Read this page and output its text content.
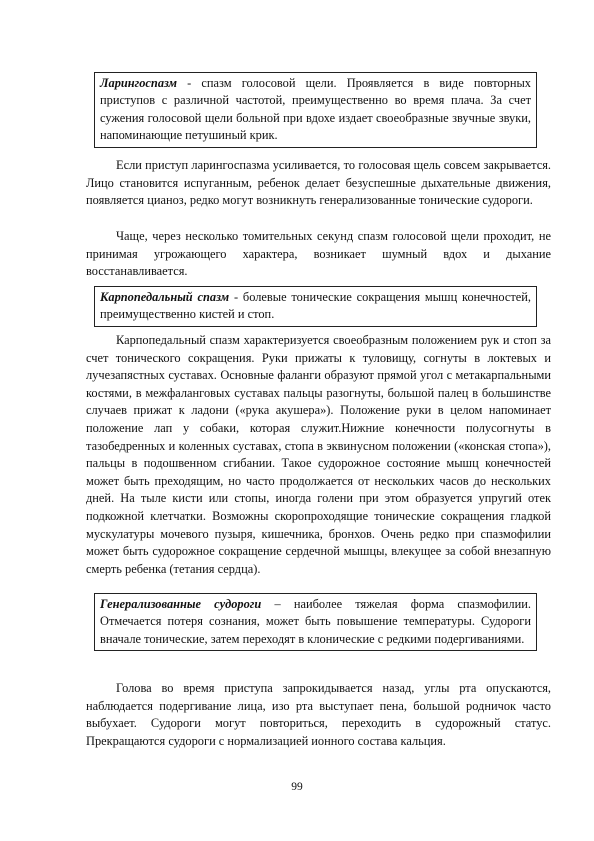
Ларингоспазм - спазм голосовой щели. Проявляется в виде повторных приступов с различной частотой, преимущественно во время плача. За счет сужения голосовой щели больной при вдохе издает своеобразные звучные звуки, напоминающие петушиный крик.

Если приступ ларингоспазма усиливается, то голосовая щель совсем закрывается. Лицо становится испуганным, ребенок делает безуспешные дыхательные движения, появляется цианоз, редко могут возникнуть генерализованные тонические судороги.

Чаще, через несколько томительных секунд спазм голосовой щели проходит, не принимая угрожающего характера, возникает шумный вдох и дыхание восстанавливается.

Карпопедальный спазм - болевые тонические сокращения мышц конечностей, преимущественно кистей и стоп.

Карпопедальный спазм характеризуется своеобразным положением рук и стоп за счет тонического сокращения. Руки прижаты к туловищу, согнуты в локтевых и лучезапястных суставах. Основные фаланги образуют прямой угол с метакарпальными костями, в межфаланговых суставах пальцы разогнуты, большой палец в большинстве случаев прижат к ладони («рука акушера»). Положение руки в целом напоминает положение лап у собаки, которая служит.Нижние конечности полусогнуты в тазобедренных и коленных суставах, стопа в эквинусном положении («конская стопа»), пальцы в подошвенном сгибании. Такое судорожное состояние мышц конечностей может быть преходящим, но часто продолжается от нескольких часов до нескольких дней. На тыле кисти или стопы, иногда голени при этом образуется упругий отек подкожной клетчатки. Возможны скоропроходящие тонические сокращения гладкой мускулатуры мочевого пузыря, кишечника, бронхов. Очень редко при спазмофилии может быть судорожное сокращение сердечной мышцы, влекущее за собой внезапную смерть ребенка (тетания сердца).

Генерализованные судороги – наиболее тяжелая форма спазмофилии. Отмечается потеря сознания, может быть повышение температуры. Судороги вначале тонические, затем переходят в клонические с редкими подергиваниями.

Голова во время приступа запрокидывается назад, углы рта опускаются, наблюдается подергивание лица, изо рта выступает пена, большой родничок часто выбухает. Судороги могут повториться, переходить в судорожный статус. Прекращаются судороги с нормализацией ионного состава кальция.

99
